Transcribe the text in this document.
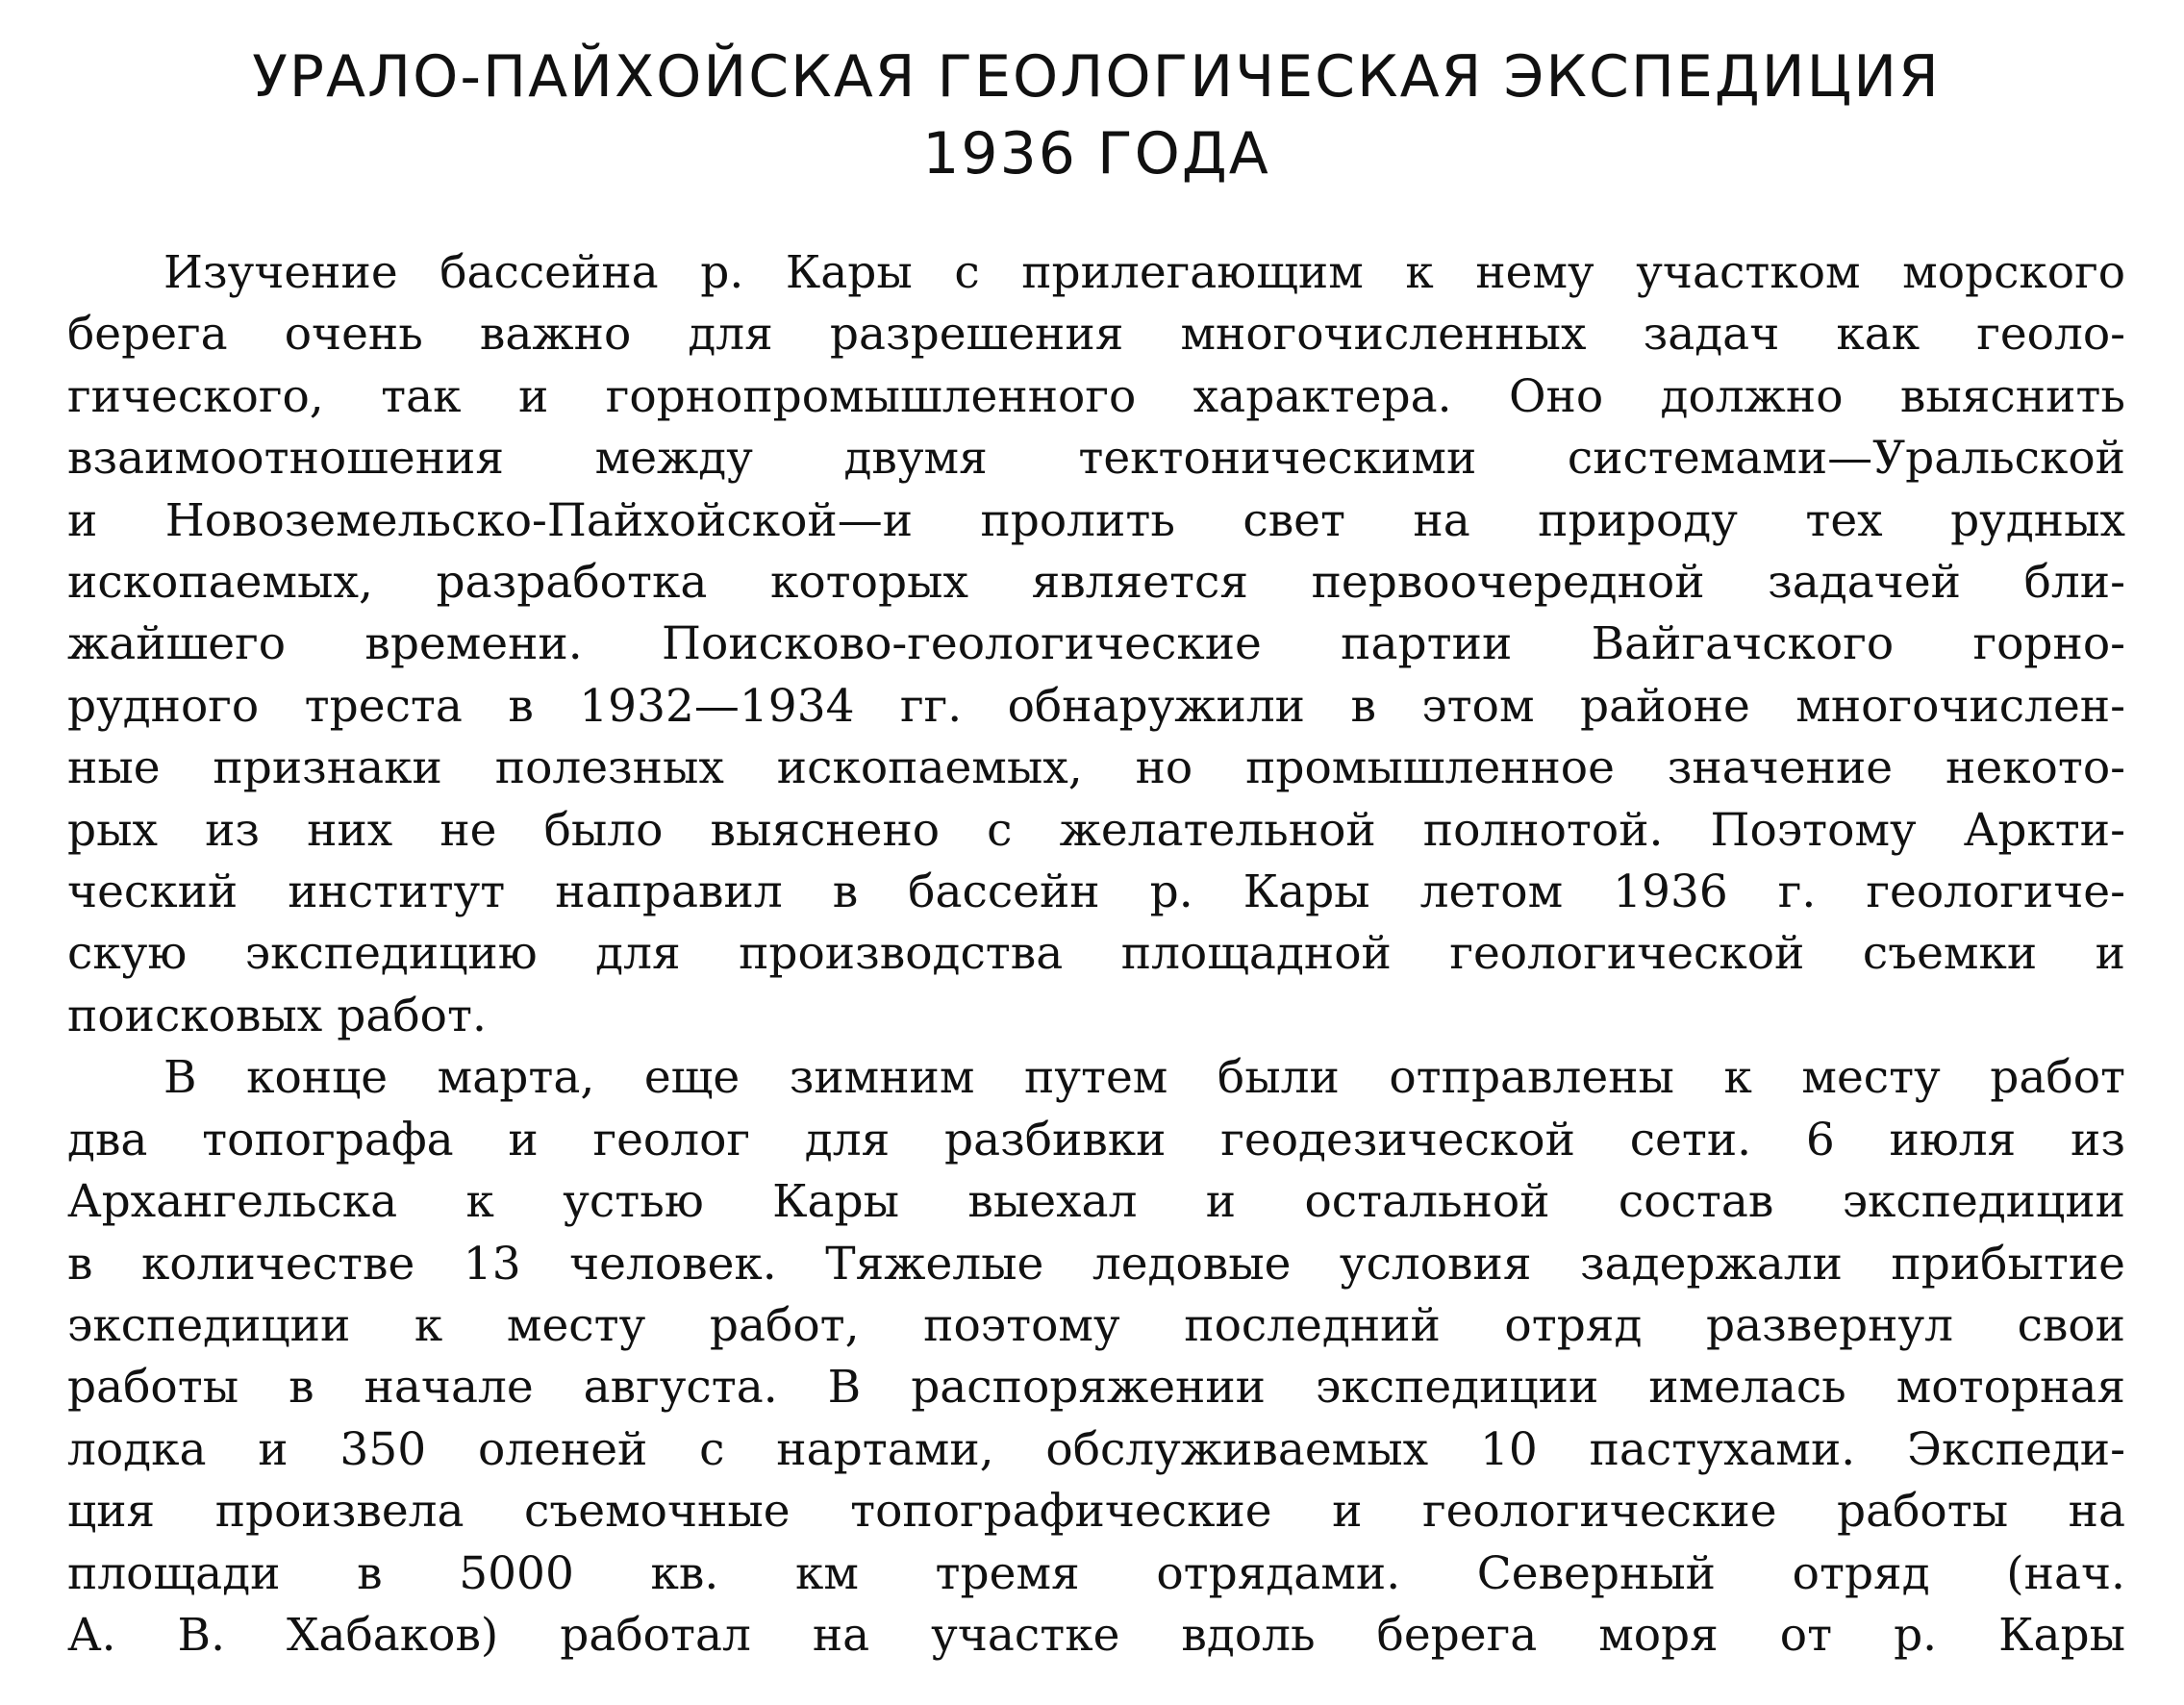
УРАЛО-ПАЙХОЙСКАЯ ГЕОЛОГИЧЕСКАЯ ЭКСПЕДИЦИЯ
1936 ГОДА

Изучение бассейна р. Кары с прилегающим к нему участком морского
берега очень важно для разрешения многочисленных задач как геоло-
гического, так и горнопромышленного характера. Оно должно выяснить
взаимоотношения между двумя тектоническими системами—Уральской
и Новоземельско-Пайхойской—и пролить свет на природу тех рудных
ископаемых, разработка которых является первоочередной задачей бли-
жайшего времени. Поисково-геологические партии Вайгачского горно-
рудного треста в 1932—1934 гг. обнаружили в этом районе многочислен-
ные признаки полезных ископаемых, но промышленное значение некото-
рых из них не было выяснено с желательной полнотой. Поэтому Аркти-
ческий институт направил в бассейн р. Кары летом 1936 г. геологиче-
скую экспедицию для производства площадной геологической съемки и
поисковых работ.

В конце марта, еще зимним путем были отправлены к месту работ
два топографа и геолог для разбивки геодезической сети. 6 июля из
Архангельска к устью Кары выехал и остальной состав экспедиции
в количестве 13 человек. Тяжелые ледовые условия задержали прибытие
экспедиции к месту работ, поэтому последний отряд развернул свои
работы в начале августа. В распоряжении экспедиции имелась моторная
лодка и 350 оленей с нартами, обслуживаемых 10 пастухами. Экспеди-
ция произвела съемочные топографические и геологические работы на
площади в 5000 кв. км тремя отрядами. Северный отряд (нач.
А. В. Хабаков) работал на участке вдоль берега моря от р. Кары
